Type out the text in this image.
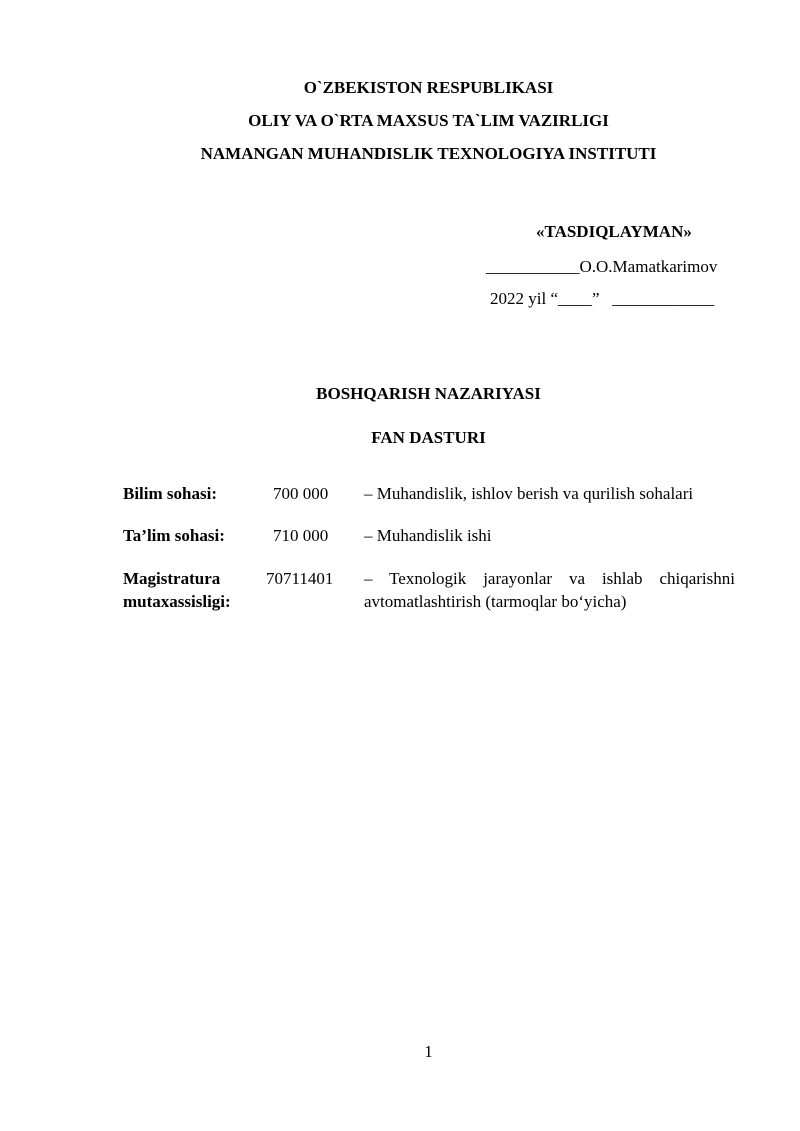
O`ZBEKISTON RESPUBLIKASI
OLIY VA O`RTA MAXSUS TA`LIM VAZIRLIGI
NAMANGAN MUHANDISLIK TEXNOLOGIYA INSTITUTI
«TASDIQLAYMAN»
___________O.O.Mamatkarimov
2022 yil “____”   ____________
BOSHQARISH NAZARIYASI
FAN DASTURI
Bilim sohasi:	700 000 – Muhandislik, ishlov berish va qurilish sohalari
Ta’lim sohasi:	710 000 – Muhandislik ishi
Magistratura
mutaxassisligi:
70711401 – Texnologik jarayonlar va ishlab chiqarishni avtomatlashtirish (tarmoqlar bo‘yicha)
1
